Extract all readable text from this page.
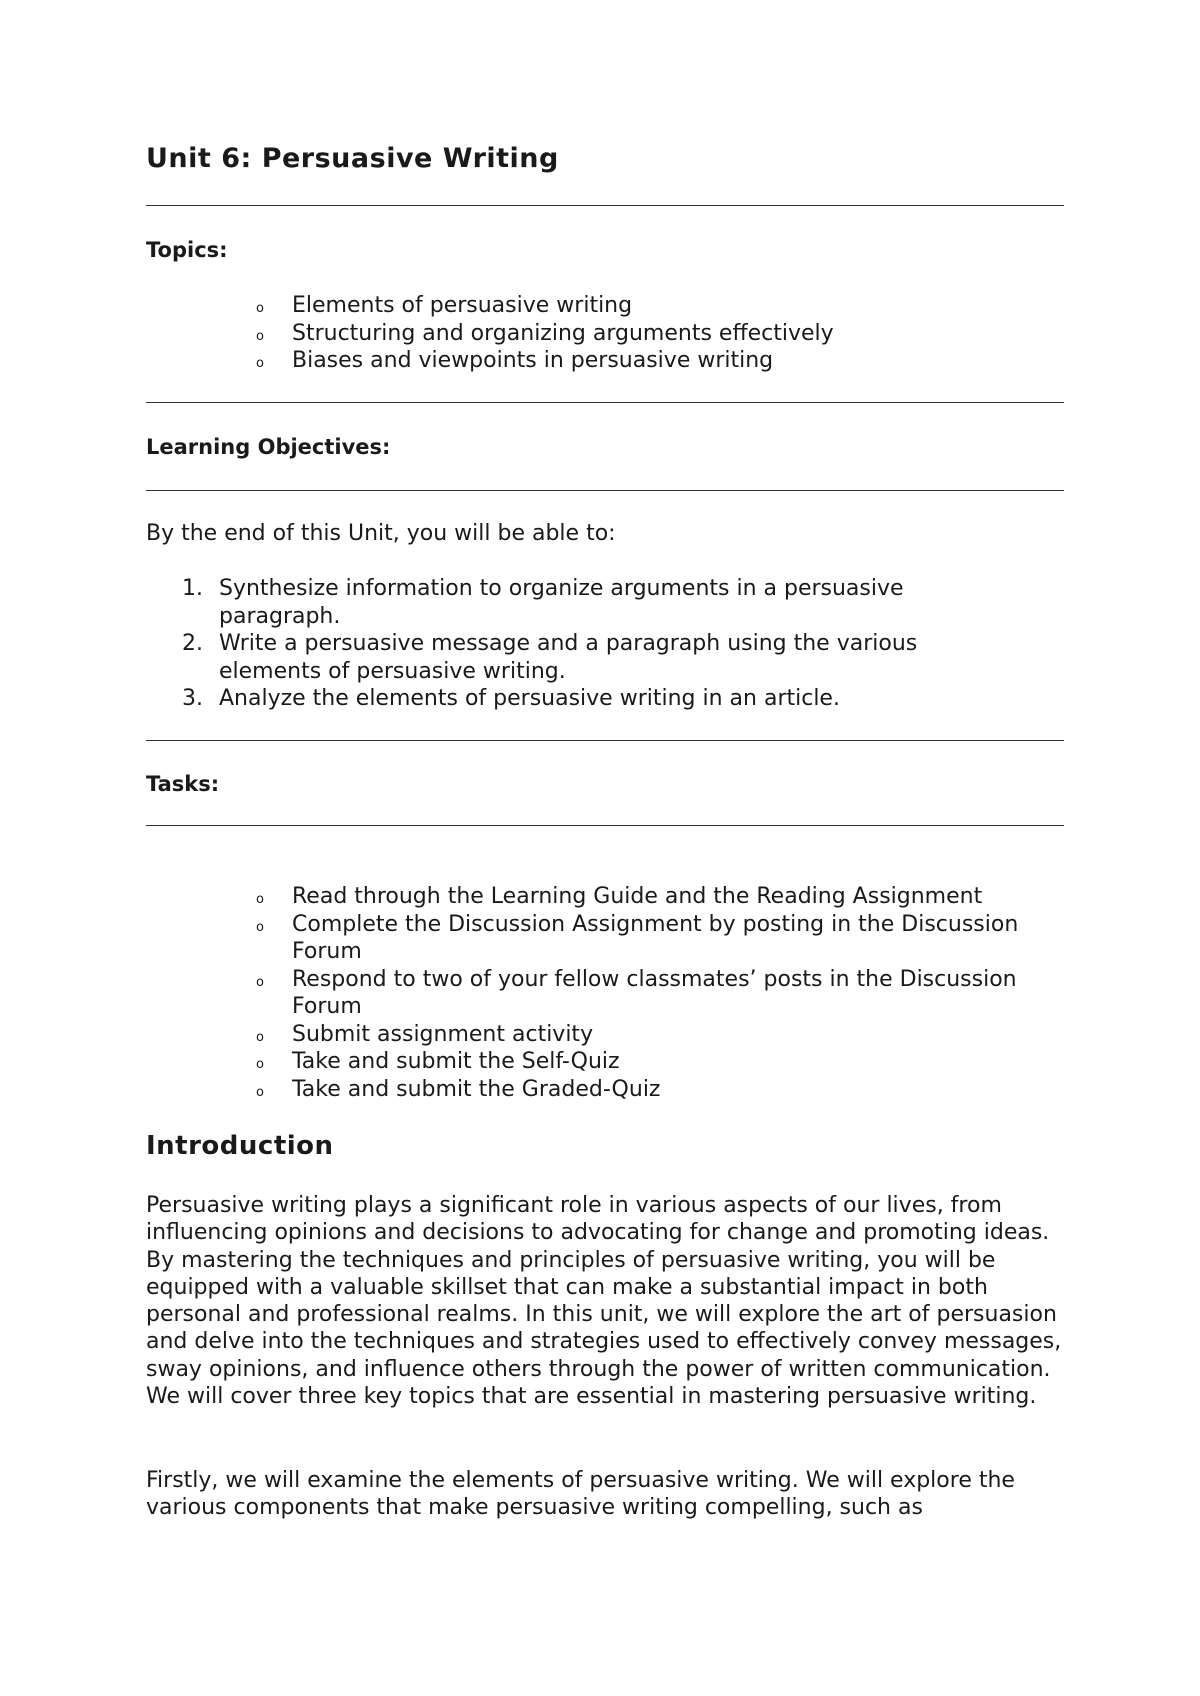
Unit 6: Persuasive Writing
Topics:
o Elements of persuasive writing
o Structuring and organizing arguments effectively
o Biases and viewpoints in persuasive writing
Learning Objectives:

By the end of this Unit, you will be able to:

1. Synthesize information to organize arguments in a persuasive paragraph.
2. Write a persuasive message and a paragraph using the various elements of persuasive writing.
3. Analyze the elements of persuasive writing in an article.
Tasks:
o Read through the Learning Guide and the Reading Assignment
o Complete the Discussion Assignment by posting in the Discussion Forum
o Respond to two of your fellow classmates’ posts in the Discussion Forum
o Submit assignment activity
o Take and submit the Self-Quiz
o Take and submit the Graded-Quiz
Introduction

Persuasive writing plays a significant role in various aspects of our lives, from influencing opinions and decisions to advocating for change and promoting ideas. By mastering the techniques and principles of persuasive writing, you will be equipped with a valuable skillset that can make a substantial impact in both personal and professional realms. In this unit, we will explore the art of persuasion and delve into the techniques and strategies used to effectively convey messages, sway opinions, and influence others through the power of written communication. We will cover three key topics that are essential in mastering persuasive writing.

Firstly, we will examine the elements of persuasive writing. We will explore the various components that make persuasive writing compelling, such as
